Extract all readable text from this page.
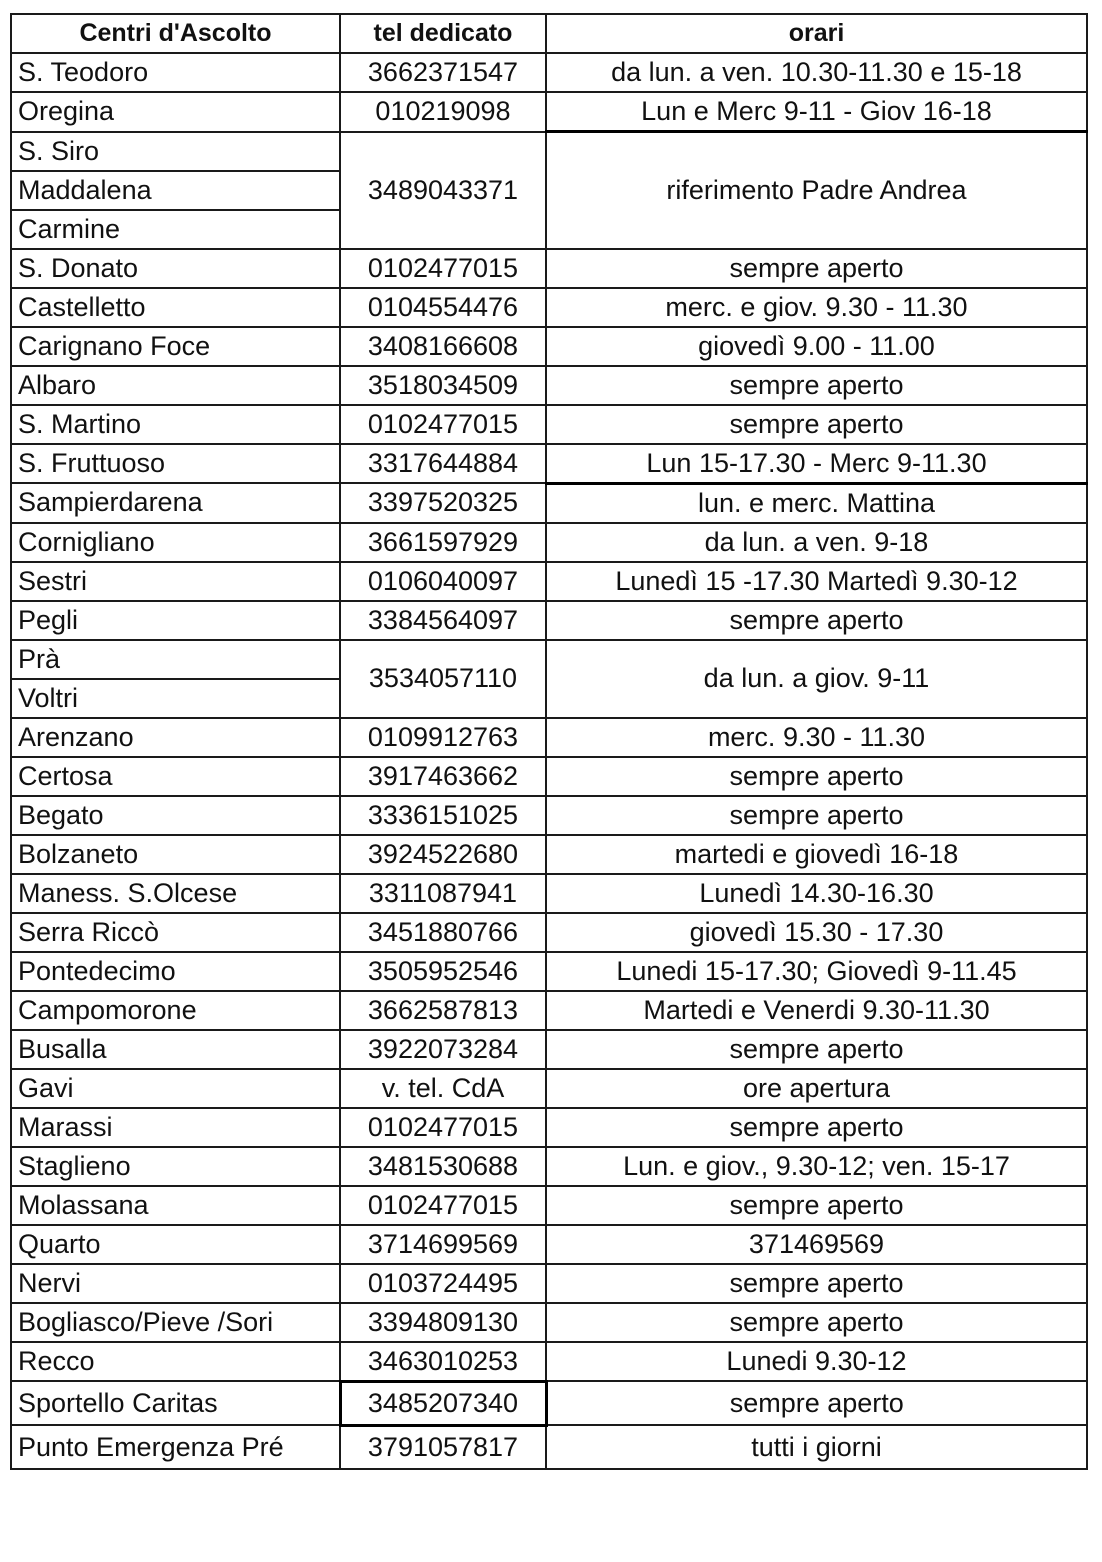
Centri d'Ascolto	tel dedicato	orari
S. Teodoro	3662371547	da lun. a ven. 10.30-11.30 e 15-18
Oregina	010219098	Lun e Merc 9-11 - Giov 16-18
S. Siro	3489043371	riferimento Padre Andrea
Maddalena		
Carmine		
S. Donato	0102477015	sempre aperto
Castelletto	0104554476	merc. e giov. 9.30 - 11.30
Carignano Foce	3408166608	giovedì 9.00 - 11.00
Albaro	3518034509	sempre aperto
S. Martino	0102477015	sempre aperto
S. Fruttuoso	3317644884	Lun 15-17.30 - Merc 9-11.30
Sampierdarena	3397520325	lun. e merc. Mattina
Cornigliano	3661597929	da lun. a ven. 9-18
Sestri	0106040097	Lunedì 15 -17.30 Martedì 9.30-12
Pegli	3384564097	sempre aperto
Prà	3534057110	da lun. a giov. 9-11
Voltri		
Arenzano	0109912763	merc. 9.30 - 11.30
Certosa	3917463662	sempre aperto
Begato	3336151025	sempre aperto
Bolzaneto	3924522680	martedi e giovedì 16-18
Maness. S.Olcese	3311087941	Lunedì 14.30-16.30
Serra Riccò	3451880766	giovedì 15.30 - 17.30
Pontedecimo	3505952546	Lunedi 15-17.30; Giovedì 9-11.45
Campomorone	3662587813	Martedi e Venerdi 9.30-11.30
Busalla	3922073284	sempre aperto
Gavi	v. tel. CdA	ore apertura
Marassi	0102477015	sempre aperto
Staglieno	3481530688	Lun. e giov., 9.30-12; ven. 15-17
Molassana	0102477015	sempre aperto
Quarto	3714699569	371469569
Nervi	0103724495	sempre aperto
Bogliasco/Pieve /Sori	3394809130	sempre aperto
Recco	3463010253	Lunedi 9.30-12
Sportello Caritas	3485207340	sempre aperto
Punto Emergenza Pré	3791057817	tutti i giorni
